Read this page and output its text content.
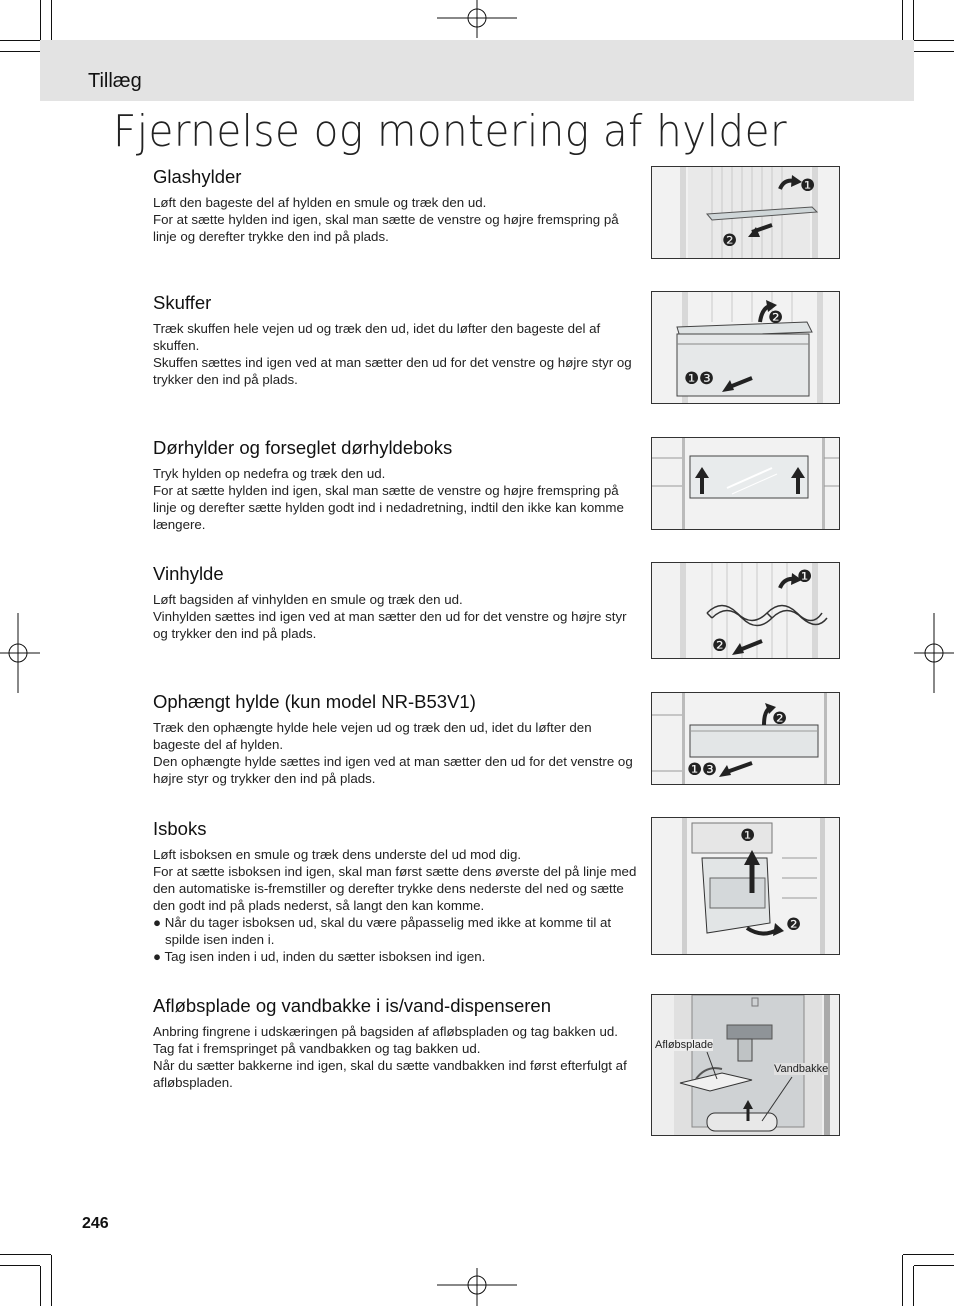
Tillæg
Fjernelse og montering af hylder
Glashylder

Løft den bageste del af hylden en smule og træk den ud.

For at sætte hylden ind igen, skal man sætte de venstre og højre fremspring på linje og derefter trykke den ind på plads.

❶
❷
Skuffer

Træk skuffen hele vejen ud og træk den ud, idet du løfter den bageste del af skuffen.

Skuffen sættes ind igen ved at man sætter den ud for det venstre og højre styr og trykker den ind på plads.

❷
❶ ❸
Dørhylder og forseglet dørhyldeboks

Tryk hylden op nedefra og træk den ud.

For at sætte hylden ind igen, skal man sætte de venstre og højre fremspring på linje og derefter sætte hylden godt ind i nedadretning, indtil den ikke kan komme længere.

Vinhylde

Løft bagsiden af vinhylden en smule og træk den ud.

Vinhylden sættes ind igen ved at man sætter den ud for det venstre og højre styr og trykker den ind på plads.

❶
❷
Ophængt hylde (kun model NR-B53V1)

Træk den ophængte hylde hele vejen ud og træk den ud, idet du løfter den bageste del af hylden.

Den ophængte hylde sættes ind igen ved at man sætter den ud for det venstre og højre styr og trykker den ind på plads.

❷
❶ ❸
Isboks

Løft isboksen en smule og træk dens underste del ud mod dig.

For at sætte isboksen ind igen, skal man først sætte dens øverste del på linje med den automatiske is-fremstiller og derefter trykke dens nederste del ned og sætte den godt ind på plads nederst, så langt den kan komme.

● Når du tager isboksen ud, skal du være påpasselig med ikke at komme til at spilde isen inden i.

● Tag isen inden i ud, inden du sætter isboksen ind igen.

❶
❷
Afløbsplade og vandbakke i is/vand-dispenseren

Anbring fingrene i udskæringen på bagsiden af afløbspladen og tag bakken ud.

Tag fat i fremspringet på vandbakken og tag bakken ud.

Når du sætter bakkerne ind igen, skal du sætte vandbakken ind først efterfulgt af afløbspladen.

Afløbsplade
Vandbakke
246
